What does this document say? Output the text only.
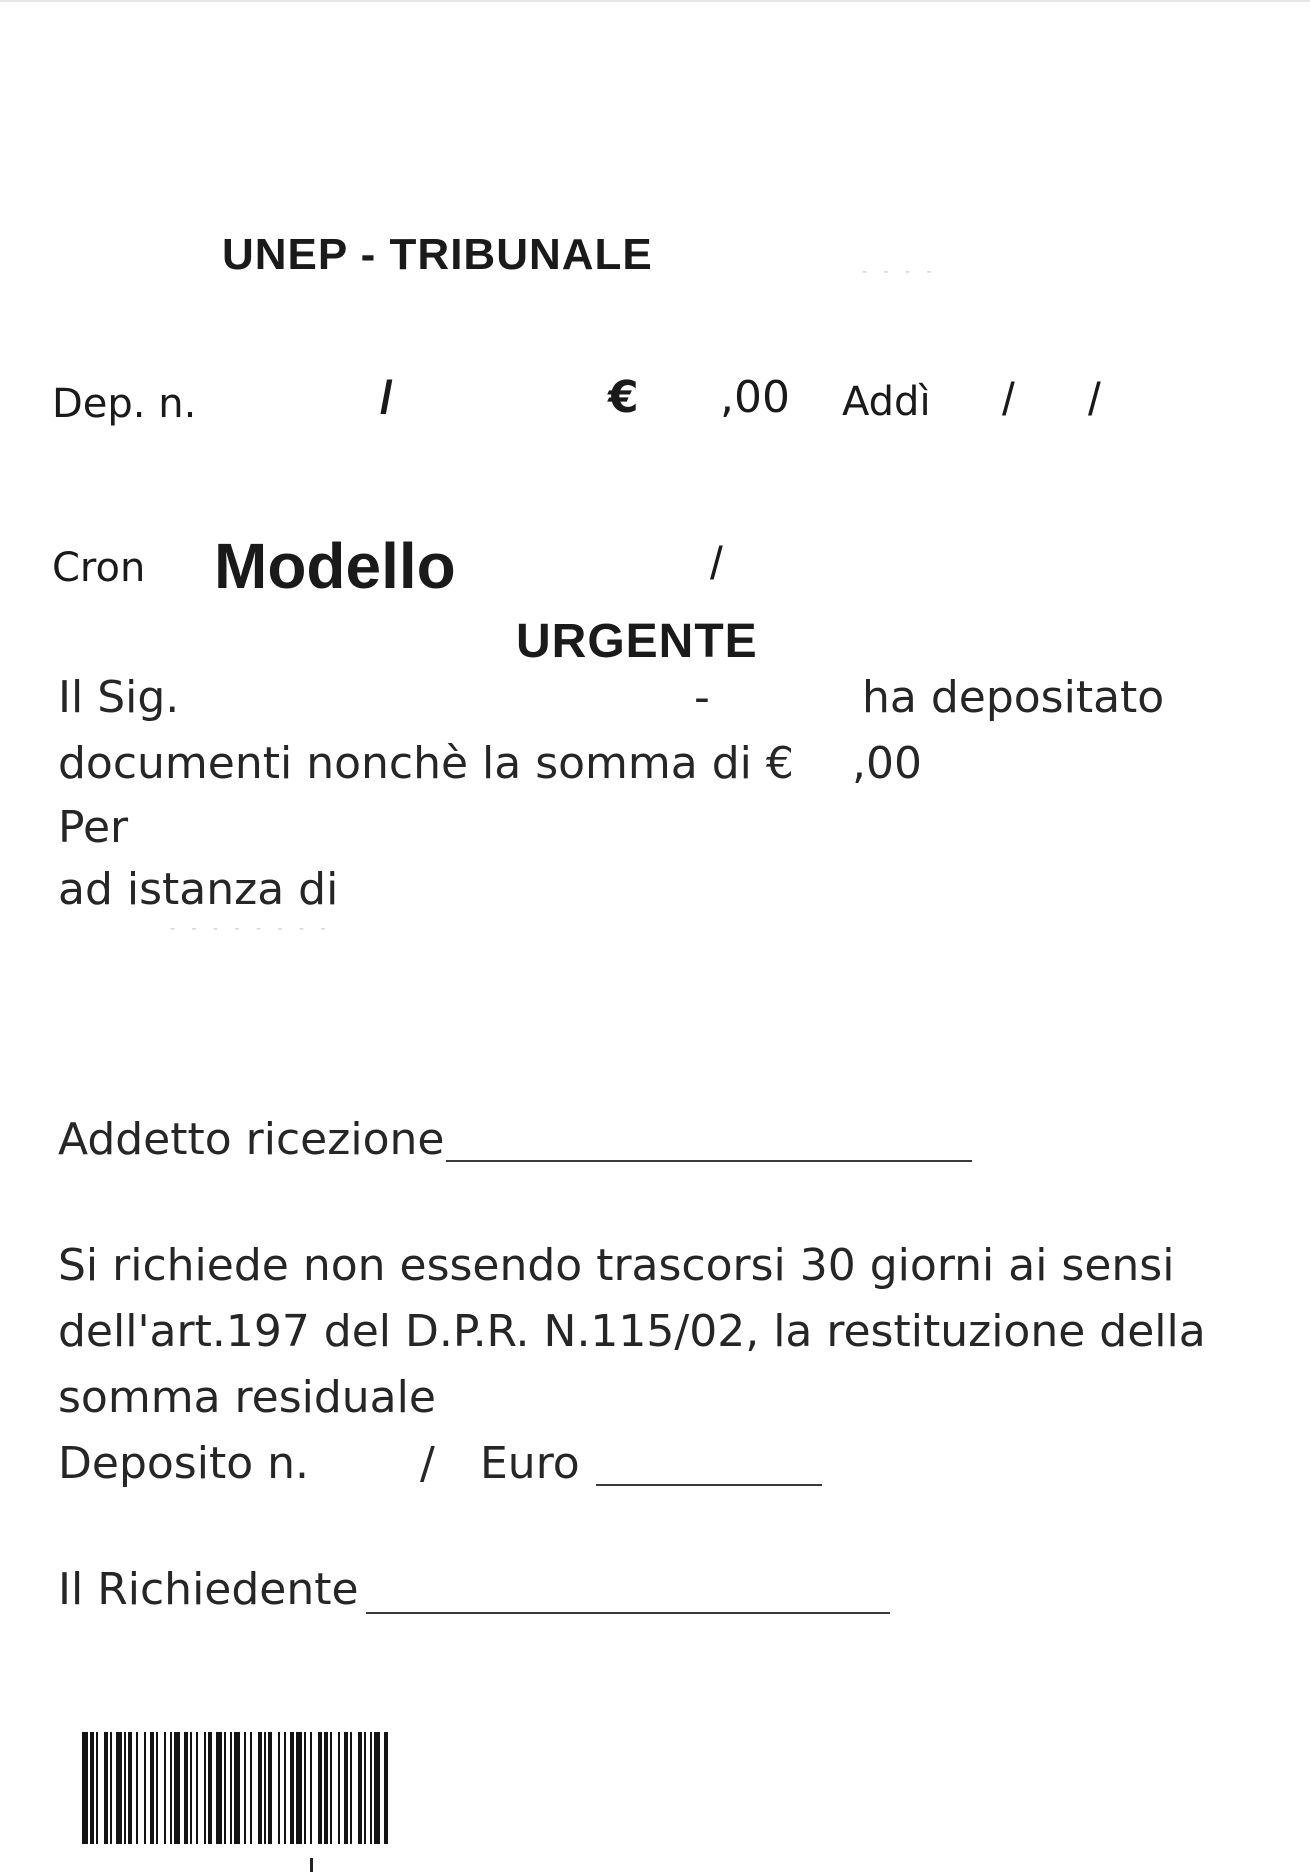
UNEP - TRIBUNALE	- - - -
Dep. n.	/	€ ,00 Addì / /
Cron Modello	/
URGENTE
Il Sig.	-	ha depositato
documenti nonchè la somma di € ,00
Per
ad istanza di
- - - - - - - -
Addetto ricezione
Si richiede non essendo trascorsi 30 giorni ai sensi
dell'art.197 del D.P.R. N.115/02, la restituzione della
somma residuale
Deposito n.	/ Euro
Il Richiedente
